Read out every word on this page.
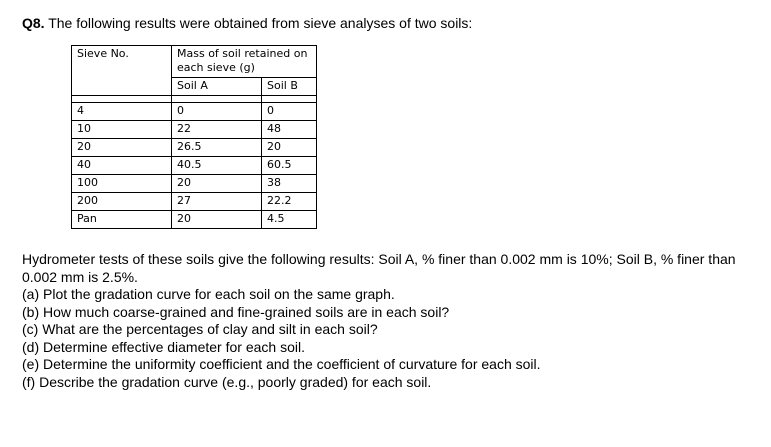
Q8. The following results were obtained from sieve analyses of two soils:
Sieve No.	Mass of soil retained on each sieve (g)	
	Soil A	Soil B

4	0	0
10	22	48
20	26.5	20
40	40.5	60.5
100	20	38
200	27	22.2
Pan	20	4.5

Hydrometer tests of these soils give the following results: Soil A, % finer than 0.002 mm is 10%; Soil B, % finer than 0.002 mm is 2.5%.

(a) Plot the gradation curve for each soil on the same graph.

(b) How much coarse-grained and fine-grained soils are in each soil?

(c) What are the percentages of clay and silt in each soil?

(d) Determine effective diameter for each soil.

(e) Determine the uniformity coefficient and the coefficient of curvature for each soil.

(f) Describe the gradation curve (e.g., poorly graded) for each soil.
